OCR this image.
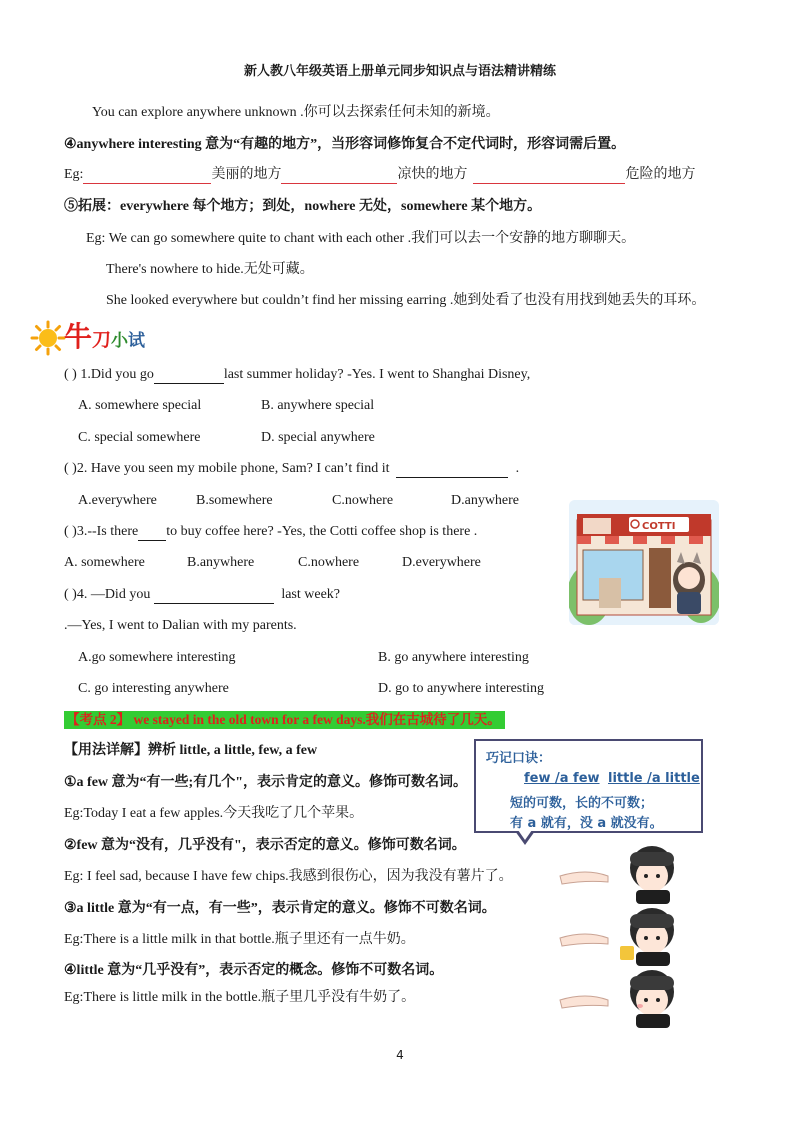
新人教八年级英语上册单元同步知识点与语法精讲精练
You can explore anywhere unknown .你可以去探索任何未知的新境。
④anywhere interesting 意为“有趣的地方”，当形容词修饰复合不定代词时，形容词需后置。
Eg:	美丽的地方	凉快的地方	危险的地方
⑤拓展：everywhere 每个地方；到处，nowhere 无处，somewhere 某个地方。
Eg: We can go somewhere quite to chant with each other .我们可以去一个安静的地方聊聊天。
There's nowhere to hide.无处可藏。
She looked everywhere but couldn’t find her missing earring .她到处看了也没有用找到她丢失的耳环。
牛刀小试
( ) 1.Did you go	last summer holiday? -Yes. I went to Shanghai Disney,
A. somewhere special	B. anywhere special
C. special somewhere	D. special anywhere
( )2. Have you seen my mobile phone, Sam? I can’t find it	.
A.everywhere	B.somewhere	C.nowhere	D.anywhere
( )3.--Is there to buy coffee here? -Yes, the Cotti coffee shop is there .
A. somewhere	B.anywhere	C.nowhere	D.everywhere
( )4. —Did you	last week?
.—Yes, I went to Dalian with my parents.
A.go somewhere interesting	B. go anywhere interesting
C. go interesting anywhere	D. go to anywhere interesting
COTTI
【考点 2】 we stayed in the old town for a few days.我们在古城待了几天。
【用法详解】辨析 little, a little, few, a few
巧记口诀：
few /a few little /a little
短的可数，长的不可数；
有 a 就有，没 a 就没有。
①a few 意为“有一些;有几个"，表示肯定的意义。修饰可数名词。
Eg:Today I eat a few apples.今天我吃了几个苹果。
②few 意为“没有，几乎没有"，表示否定的意义。修饰可数名词。
Eg: I feel sad, because I have few chips.我感到很伤心，因为我没有薯片了。
③a little 意为“有一点，有一些”，表示肯定的意义。修饰不可数名词。
Eg:There is a little milk in that bottle.瓶子里还有一点牛奶。
④little 意为“几乎没有”，表示否定的概念。修饰不可数名词。
Eg:There is little milk in the bottle.瓶子里几乎没有牛奶了。
4
